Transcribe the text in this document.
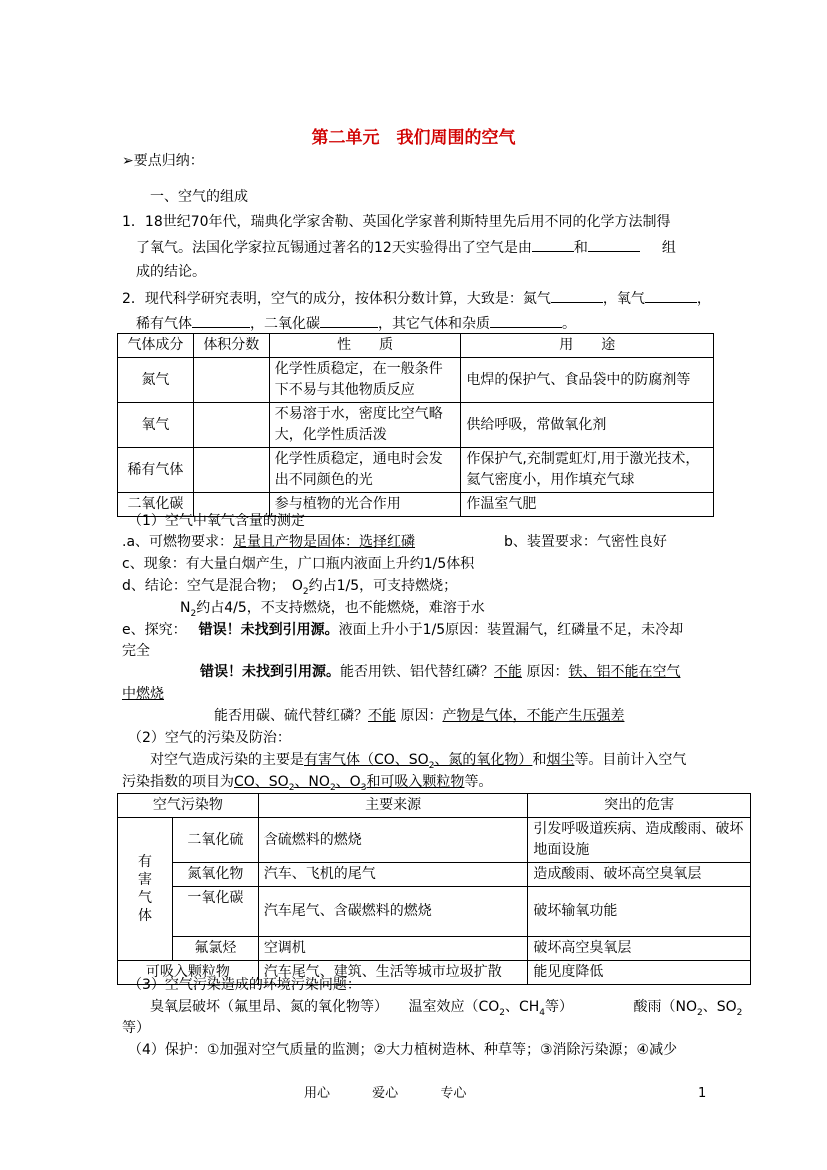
第二单元　我们周围的空气
➢要点归纳：
一、空气的组成
1．18世纪70年代，瑞典化学家舍勒、英国化学家普利斯特里先后用不同的化学方法制得
了氧气。法国化学家拉瓦锡通过著名的12天实验得出了空气是由	和	组
成的结论。
2．现代科学研究表明，空气的成分，按体积分数计算，大致是：氮气	，氧气	，
稀有气体	，二氧化碳	，其它气体和杂质	。
气体成分	体积分数	性　　质	用　　途
氮气		化学性质稳定，在一般条件下不易与其他物质反应	电焊的保护气、食品袋中的防腐剂等
氧气		不易溶于水，密度比空气略大，化学性质活泼	供给呼吸，常做氧化剂
稀有气体		化学性质稳定，通电时会发出不同颜色的光	作保护气,充制霓虹灯,用于激光技术，氦气密度小，用作填充气球
二氧化碳		参与植物的光合作用	作温室气肥
（1）空气中氧气含量的测定
.a、可燃物要求：足量且产物是固体：选择红磷	b、装置要求：气密性良好
c、现象：有大量白烟产生，广口瓶内液面上升约1/5体积
d、结论：空气是混合物；　$O_2$约占1/5，可支持燃烧；
$N_2$约占4/5，不支持燃烧，也不能燃烧，难溶于水
e、探究： 错误！未找到引用源。液面上升小于1/5原因：装置漏气，红磷量不足，未冷却
完全
错误！未找到引用源。能否用铁、铝代替红磷？不能 原因：铁、铝不能在空气
中燃烧
能否用碳、硫代替红磷？不能 原因：产物是气体，不能产生压强差
（2）空气的污染及防治：
对空气造成污染的主要是有害气体（CO、$SO_2$、氮的氧化物）和烟尘等。目前计入空气
污染指数的项目为CO、$SO_2$、$NO_2$、$O_3$和可吸入颗粒物等。
空气污染物		主要来源	突出的危害

有害气体	二氧化硫	含硫燃料的燃烧	引发呼吸道疾病、造成酸雨、破坏地面设施
	氮氧化物	汽车、飞机的尾气	造成酸雨、破坏高空臭氧层
	一氧化碳	汽车尾气、含碳燃料的燃烧	破坏输氧功能
	氟氯烃	空调机	破坏高空臭氧层
可吸入颗粒物		汽车尾气、建筑、生活等城市垃圾扩散	能见度降低
（3）空气污染造成的环境污染问题：
臭氧层破坏（氟里昂、氮的氧化物等） 温室效应（$CO_2$、$CH_4$等）	酸雨（$NO_2$、$SO_2$
等）
（4）保护：①加强对空气质量的监测；②大力植树造林、种草等；③消除污染源；④减少
用心	爱心	专心	1
